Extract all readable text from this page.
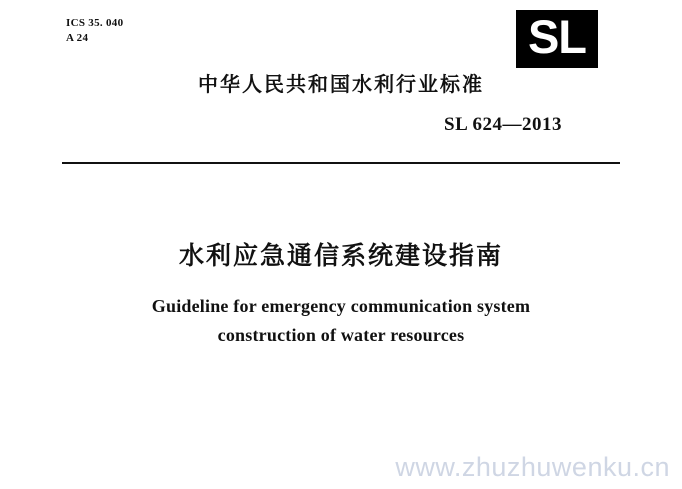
ICS 35. 040
A 24	SL
中华人民共和国水利行业标准
SL 624—2013
水利应急通信系统建设指南
Guideline for emergency communication system
construction of water resources
www.zhuzhuwenku.cn
